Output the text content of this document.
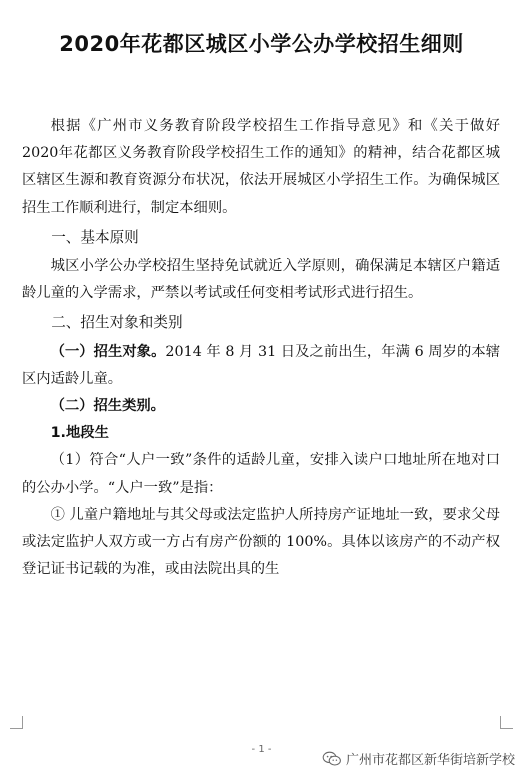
2020年花都区城区小学公办学校招生细则

根据《广州市义务教育阶段学校招生工作指导意见》和《关于做好2020年花都区义务教育阶段学校招生工作的通知》的精神，结合花都区城区辖区生源和教育资源分布状况，依法开展城区小学招生工作。为确保城区招生工作顺利进行，制定本细则。

一、基本原则

城区小学公办学校招生坚持免试就近入学原则，确保满足本辖区户籍适龄儿童的入学需求，严禁以考试或任何变相考试形式进行招生。

二、招生对象和类别

（一）招生对象。2014 年 8 月 31 日及之前出生，年满 6 周岁的本辖区内适龄儿童。

（二）招生类别。

1.地段生

（1）符合“人户一致”条件的适龄儿童，安排入读户口地址所在地对口的公办小学。“人户一致”是指：

① 儿童户籍地址与其父母或法定监护人所持房产证地址一致，要求父母或法定监护人双方或一方占有房产份额的 100%。具体以该房产的不动产权登记证书记载的为准，或由法院出具的生

- 1 -
广州市花都区新华街培新学校
